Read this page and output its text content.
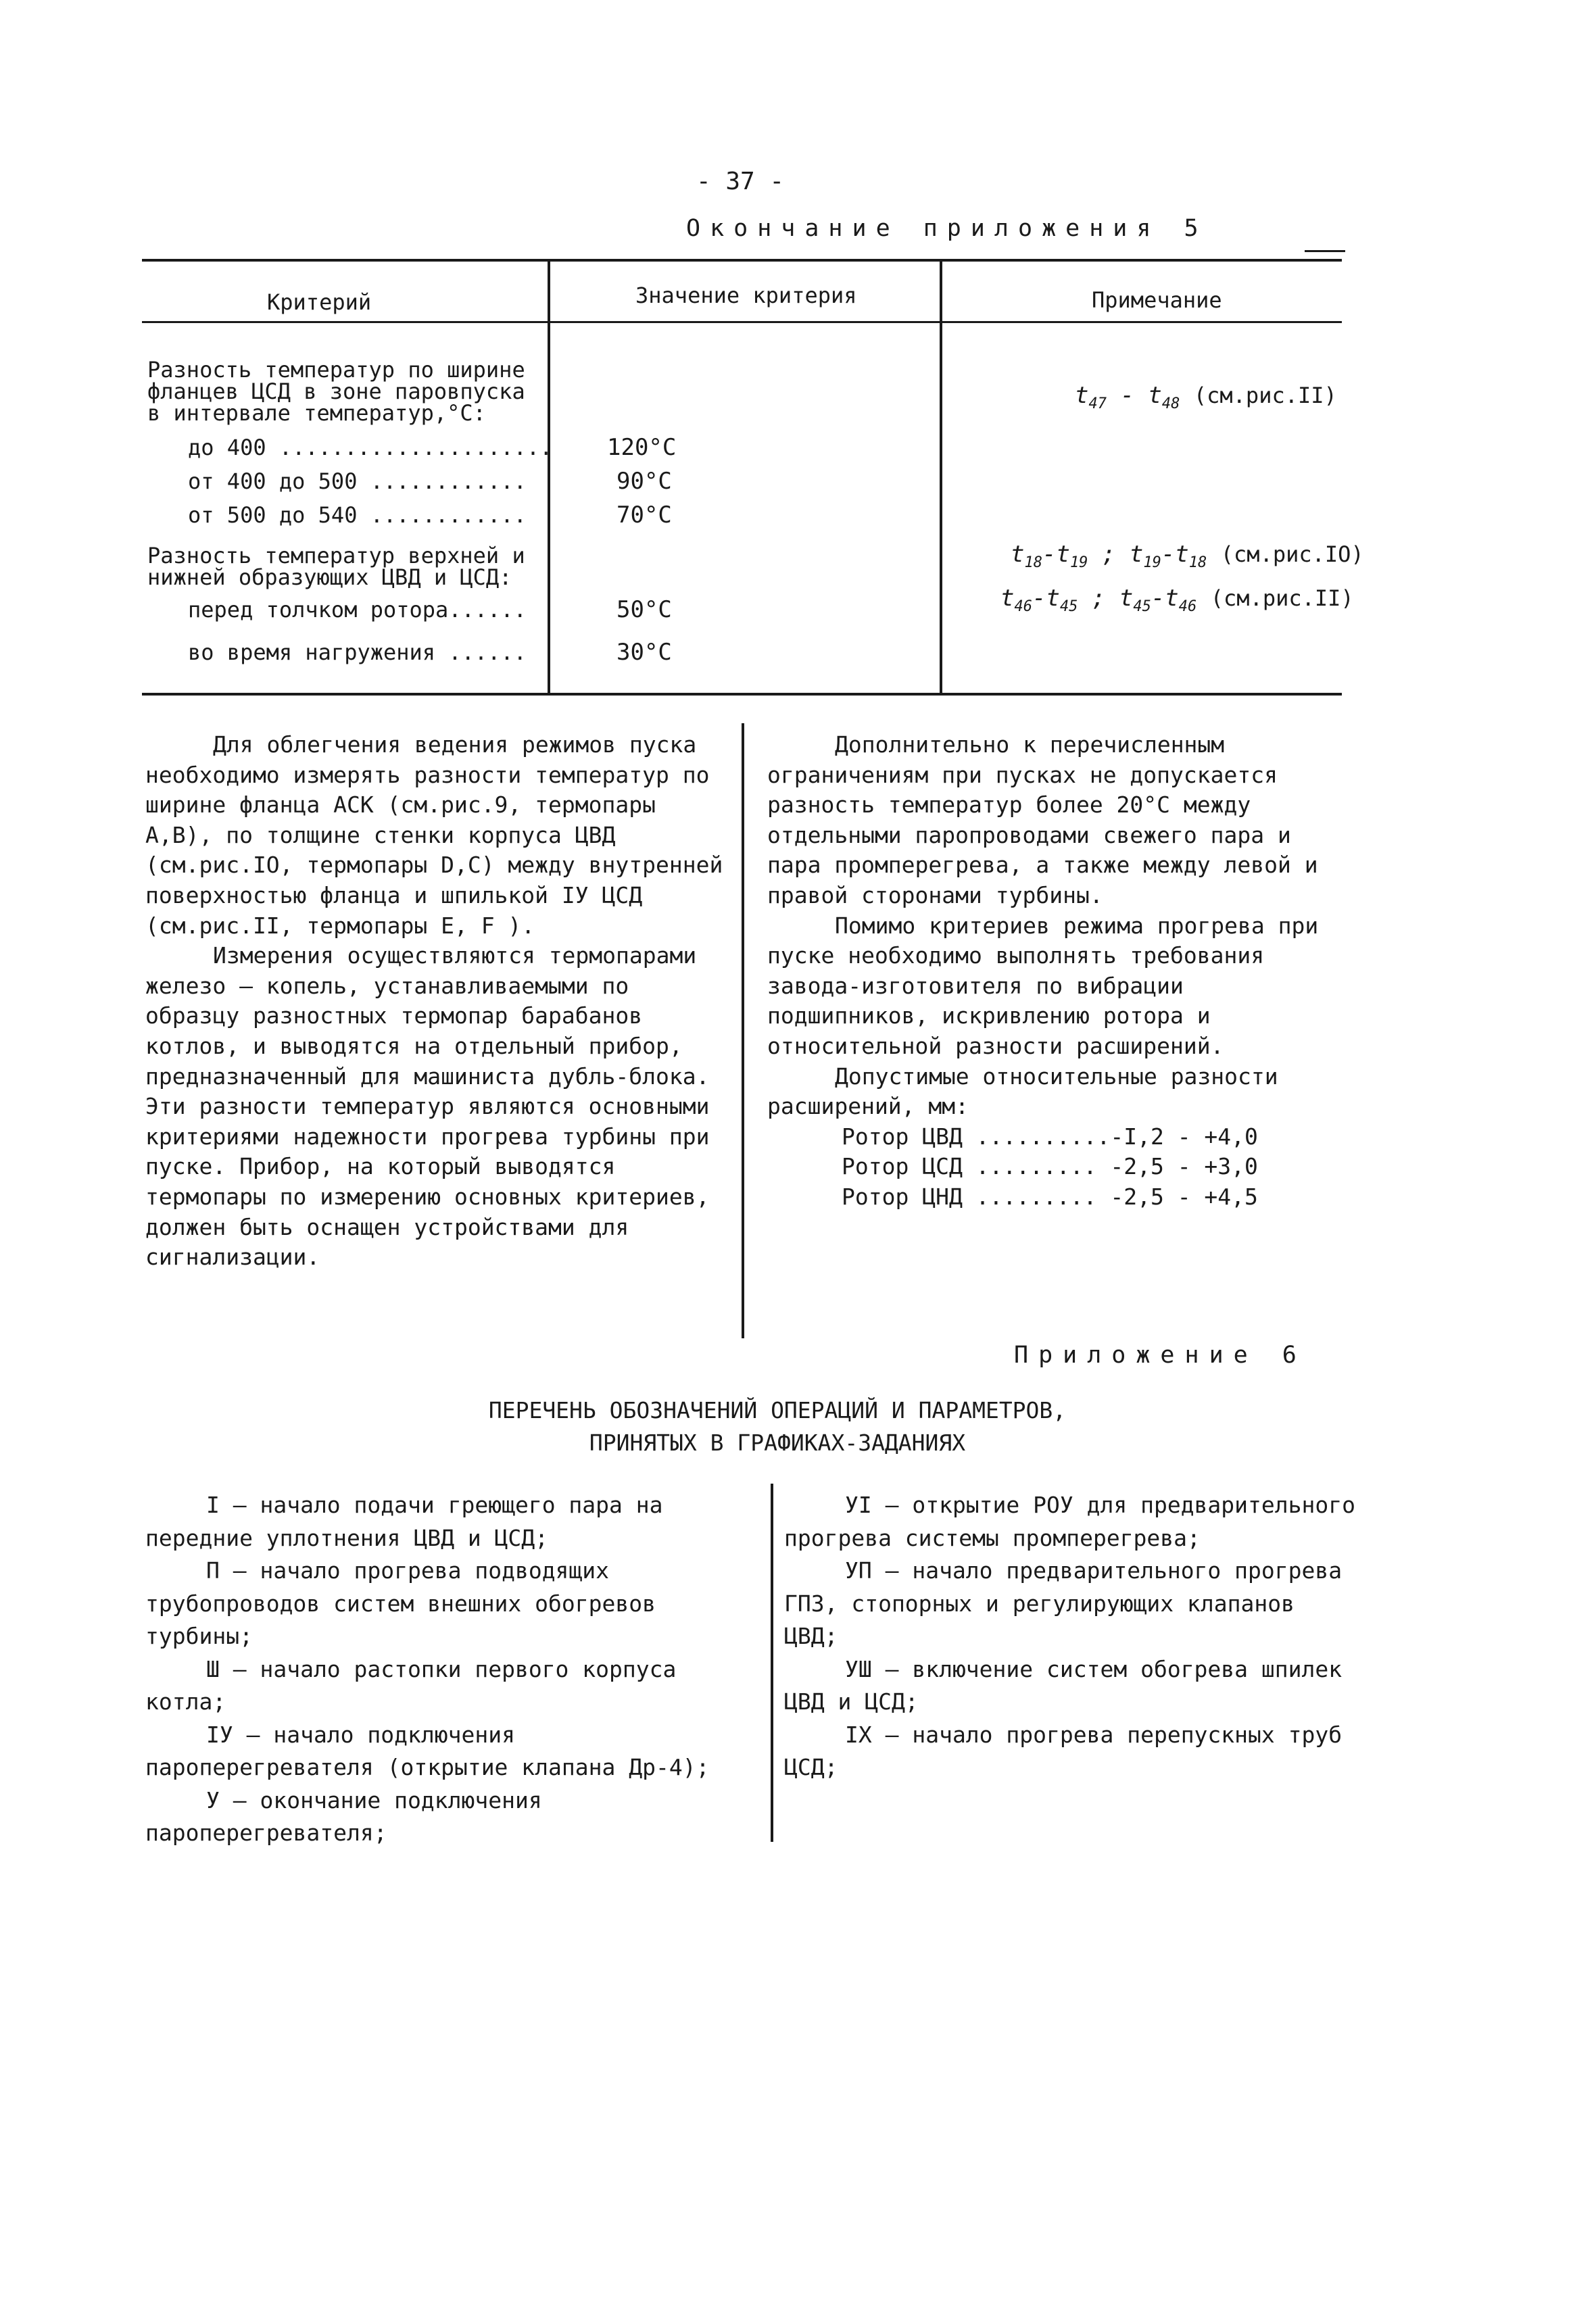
- 37 -
Окончание приложения 5
Критерий	Значение критерия	Примечание
Разность температур по ширине
фланцев ЦСД в зоне паровпуска
в интервале температур,°C:
до 400 .....................
от 400 до 500 ............
от 500 до 540 ............
120°C
90°C
70°C
$t_{47} - t_{48}$ (см.рис.II)
Разность температур верхней и
нижней образующих ЦВД и ЦСД:
перед толчком ротора......
во время нагружения ......
50°C
30°C
$t_{18}-t_{19}$ ; $t_{19}-t_{18}$ (см.рис.IO)
$t_{46}-t_{45}$ ; $t_{45}-t_{46}$ (см.рис.II)

Для облегчения ведения режимов пуска необходимо измерять разности температур по ширине фланца АСК (см.рис.9, термопары А,В), по толщине стенки корпуса ЦВД (см.рис.IO, термопары D,С) между внутренней поверхностью фланца и шпилькой IУ ЦСД (см.рис.II, термопары E, F ).

Измерения осуществляются термопарами железо – копель, устанавливаемыми по образцу разностных термопар барабанов котлов, и выводятся на отдельный прибор, предназначенный для машиниста дубль-блока. Эти разности температур являются основными критериями надежности прогрева турбины при пуске. Прибор, на который выводятся термопары по измерению основных критериев, должен быть оснащен устройствами для сигнализации.

Дополнительно к перечисленным ограничениям при пусках не допускается разность температур более 20°С между отдельными паропроводами свежего пара и пара промперегрева, а также между левой и правой сторонами турбины.

Помимо критериев режима прогрева при пуске необходимо выполнять требования завода-изготовителя по вибрации подшипников, искривлению ротора и относительной разности расширений.

Допустимые относительные разности расширений, мм:

Ротор ЦВД ..........-I,2 - +4,0
Ротор ЦСД ......... -2,5 - +3,0
Ротор ЦНД ......... -2,5 - +4,5
Приложение 6
ПЕРЕЧЕНЬ ОБОЗНАЧЕНИЙ ОПЕРАЦИЙ И ПАРАМЕТРОВ,
ПРИНЯТЫХ В ГРАФИКАХ-ЗАДАНИЯХ

I – начало подачи греющего пара на передние уплотнения ЦВД и ЦСД;

П – начало прогрева подводящих трубопроводов систем внешних обогревов турбины;

Ш – начало растопки первого корпуса котла;

IУ – начало подключения пароперегревателя (открытие клапана Др-4);

У – окончание подключения пароперегревателя;

УI – открытие РОУ для предварительного прогрева системы промперегрева;

УП – начало предварительного прогрева ГПЗ, стопорных и регулирующих клапанов ЦВД;

УШ – включение систем обогрева шпилек ЦВД и ЦСД;

IХ – начало прогрева перепускных труб ЦСД;
